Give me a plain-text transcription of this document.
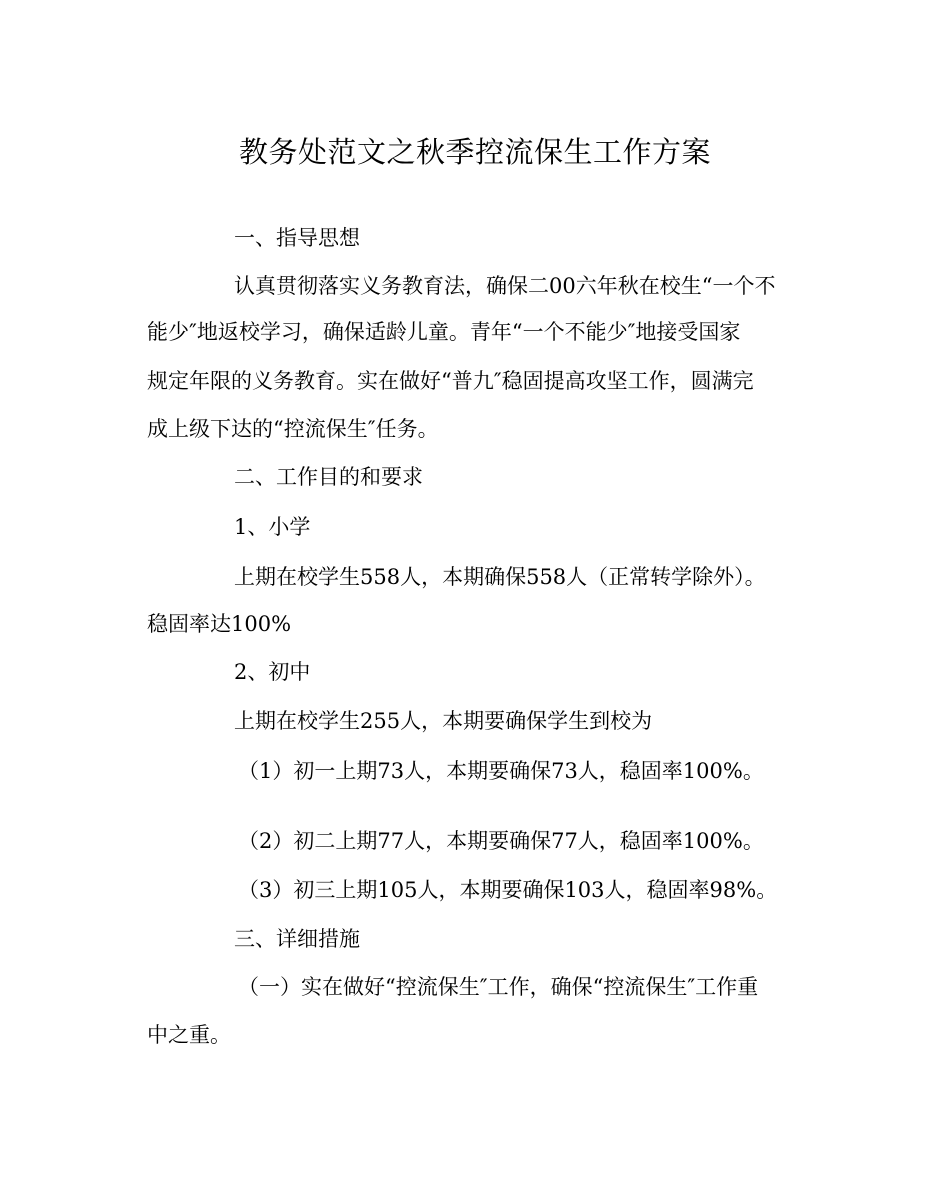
教务处范文之秋季控流保生工作方案
一、指导思想
认真贯彻落实义务教育法，确保二00六年秋在校生“一个不
能少″地返校学习，确保适龄儿童。青年“一个不能少″地接受国家
规定年限的义务教育。实在做好“普九″稳固提高攻坚工作，圆满完
成上级下达的“控流保生″任务。
二、工作目的和要求
1、小学
上期在校学生558人，本期确保558人（正常转学除外）。
稳固率达100%
2、初中
上期在校学生255人，本期要确保学生到校为
（1）初一上期73人，本期要确保73人，稳固率100%。
（2）初二上期77人，本期要确保77人，稳固率100%。
（3）初三上期105人，本期要确保103人，稳固率98%。
三、详细措施
（一）实在做好“控流保生″工作，确保“控流保生″工作重
中之重。
